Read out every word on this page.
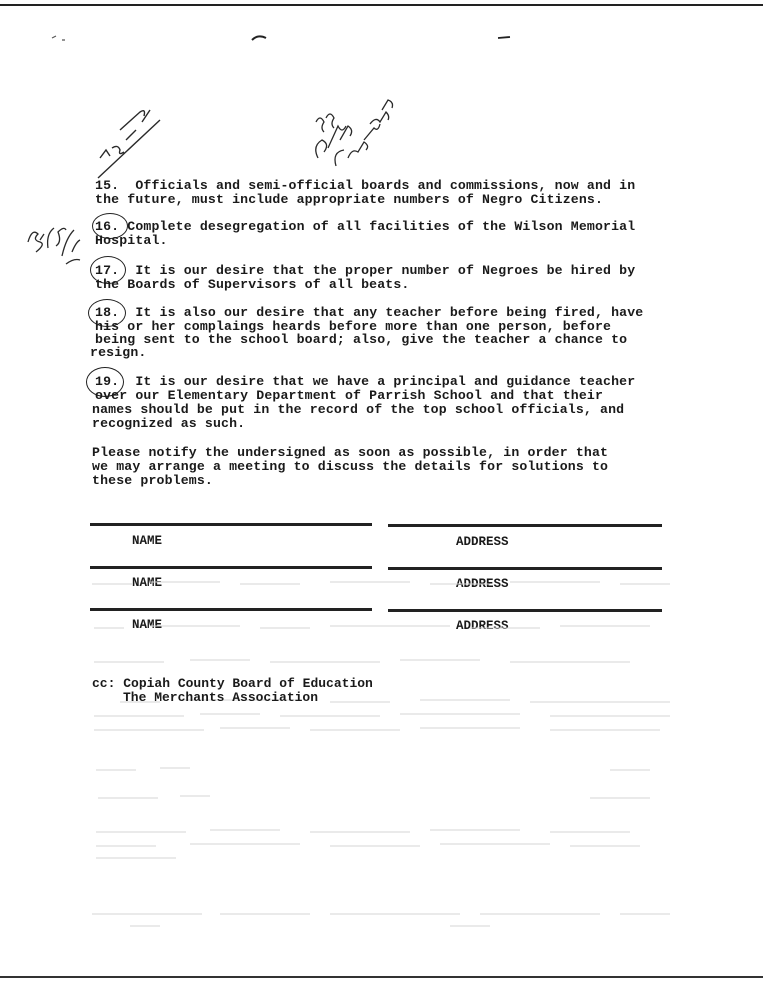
15. Officials and semi-official boards and commissions, now and in
the future, must include appropriate numbers of Negro Citizens.
16. Complete desegregation of all facilities of the Wilson Memorial
Hospital.
17. It is our desire that the proper number of Negroes be hired by
the Boards of Supervisors of all beats.
18. It is also our desire that any teacher before being fired, have
his or her complaings heards before more than one person, before
being sent to the school board; also, give the teacher a chance to
resign.
19. It is our desire that we have a principal and guidance teacher
over our Elementary Department of Parrish School and that their
names should be put in the record of the top school officials, and
recognized as such.
Please notify the undersigned as soon as possible, in order that
we may arrange a meeting to discuss the details for solutions to
these problems.
NAME	ADDRESS
NAME	ADDRESS
NAME	ADDRESS
cc: Copiah County Board of Education
The Merchants Association
